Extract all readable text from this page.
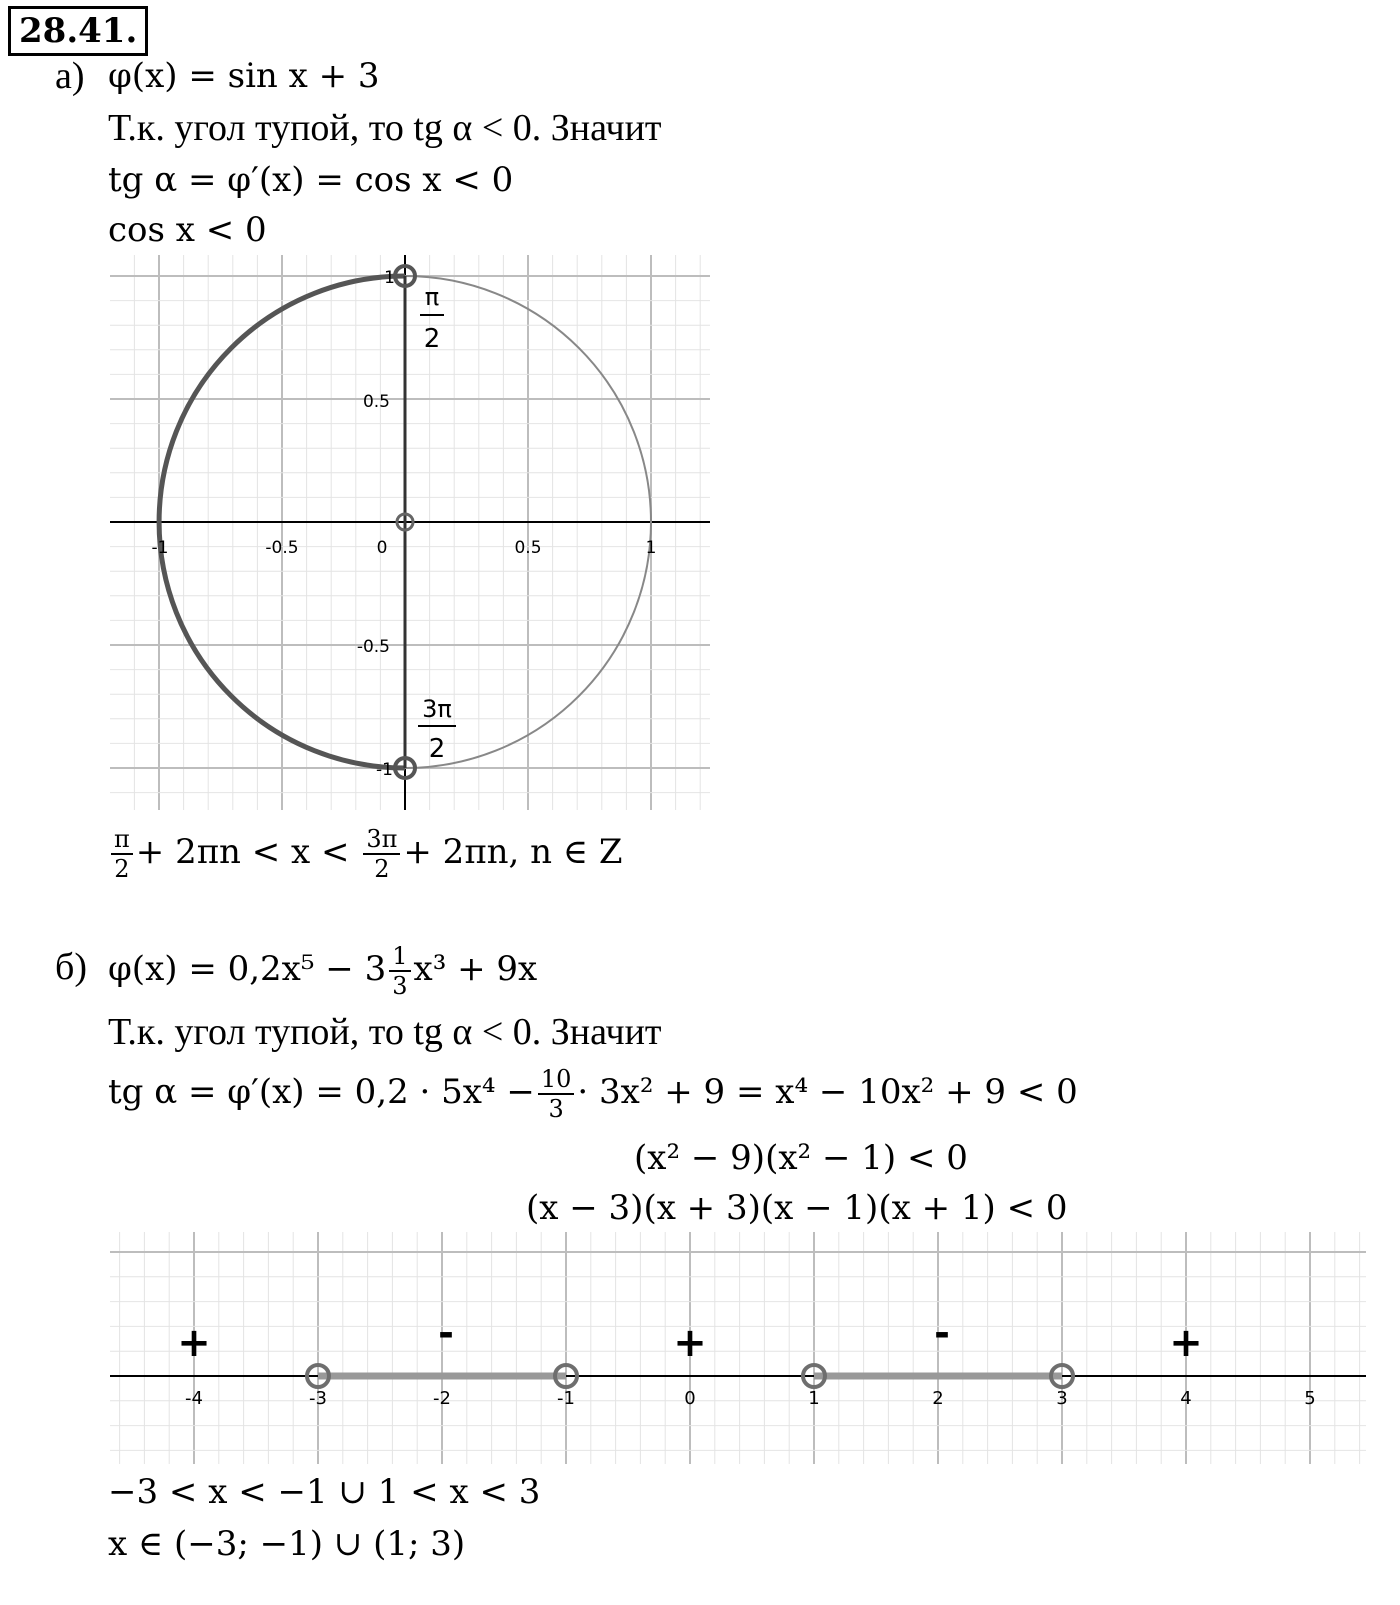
28.41.
а) φ(x) = sin x + 3
Т.к. угол тупой, то tg α < 0. Значит
tg α = φ′(x) = cos x < 0
cos x < 0
-1	-0.5	0	0.5	1
1
0.5
-0.5
-1
π
2
3π
2
$\frac{\pi}{2} + 2\pi n < x < \frac{3\pi}{2} + 2\pi n$, n ∈ Z
б) $\varphi(x) = 0,2x^5 - 3 \frac{1}{3} x^3 + 9x$
Т.к. угол тупой, то tg α < 0. Значит
tg $\alpha = \varphi'(x) = 0,2 \cdot 5x^4 - \frac{10}{3} \cdot 3x^2 + 9 = x^4 - 10x^2 + 9 < 0$
(x² − 9)(x² − 1) < 0
(x − 3)(x + 3)(x − 1)(x + 1) < 0
-4	-3	-2	-1	0	1	2	3	4	5
+	-	+	-	+
−3 < x < −1 ∪ 1 < x < 3
x ∈ (−3; −1) ∪ (1; 3)
